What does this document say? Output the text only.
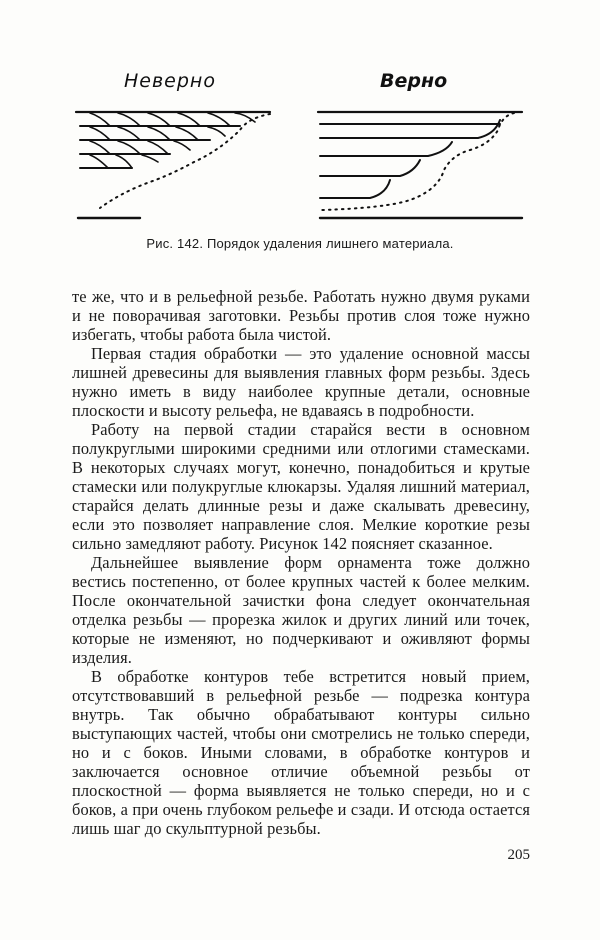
Неверно	Верно
Рис. 142. Порядок удаления лишнего материала.

те же, что и в рельефной резьбе. Работать нужно двумя руками и не поворачивая заготовки. Резьбы против слоя тоже нужно избегать, чтобы работа была чистой.

Первая стадия обработки — это удаление основной массы лишней древесины для выявления главных форм резьбы. Здесь нужно иметь в виду наиболее крупные детали, основные плоскости и высоту рельефа, не вдаваясь в подробности.

Работу на первой стадии старайся вести в основном полукруглыми широкими средними или отлогими стамесками. В некоторых случаях могут, конечно, понадобиться и крутые стамески или полукруглые клюкарзы. Удаляя лишний материал, старайся делать длинные резы и даже скалывать древесину, если это позволяет направление слоя. Мелкие короткие резы сильно замедляют работу. Рисунок 142 поясняет сказанное.

Дальнейшее выявление форм орнамента тоже должно вестись постепенно, от более крупных частей к более мелким. После окончательной зачистки фона следует окончательная отделка резьбы — прорезка жилок и других линий или точек, которые не изменяют, но подчеркивают и оживляют формы изделия.

В обработке контуров тебе встретится новый прием, отсутствовавший в рельефной резьбе — подрезка контура внутрь. Так обычно обрабатывают контуры сильно выступающих частей, чтобы они смотрелись не только спереди, но и с боков. Иными словами, в обработке контуров и заключается основное отличие объемной резьбы от плоскостной — форма выявляется не только спереди, но и с боков, а при очень глубоком рельефе и сзади. И отсюда остается лишь шаг до скульптурной резьбы.

205
